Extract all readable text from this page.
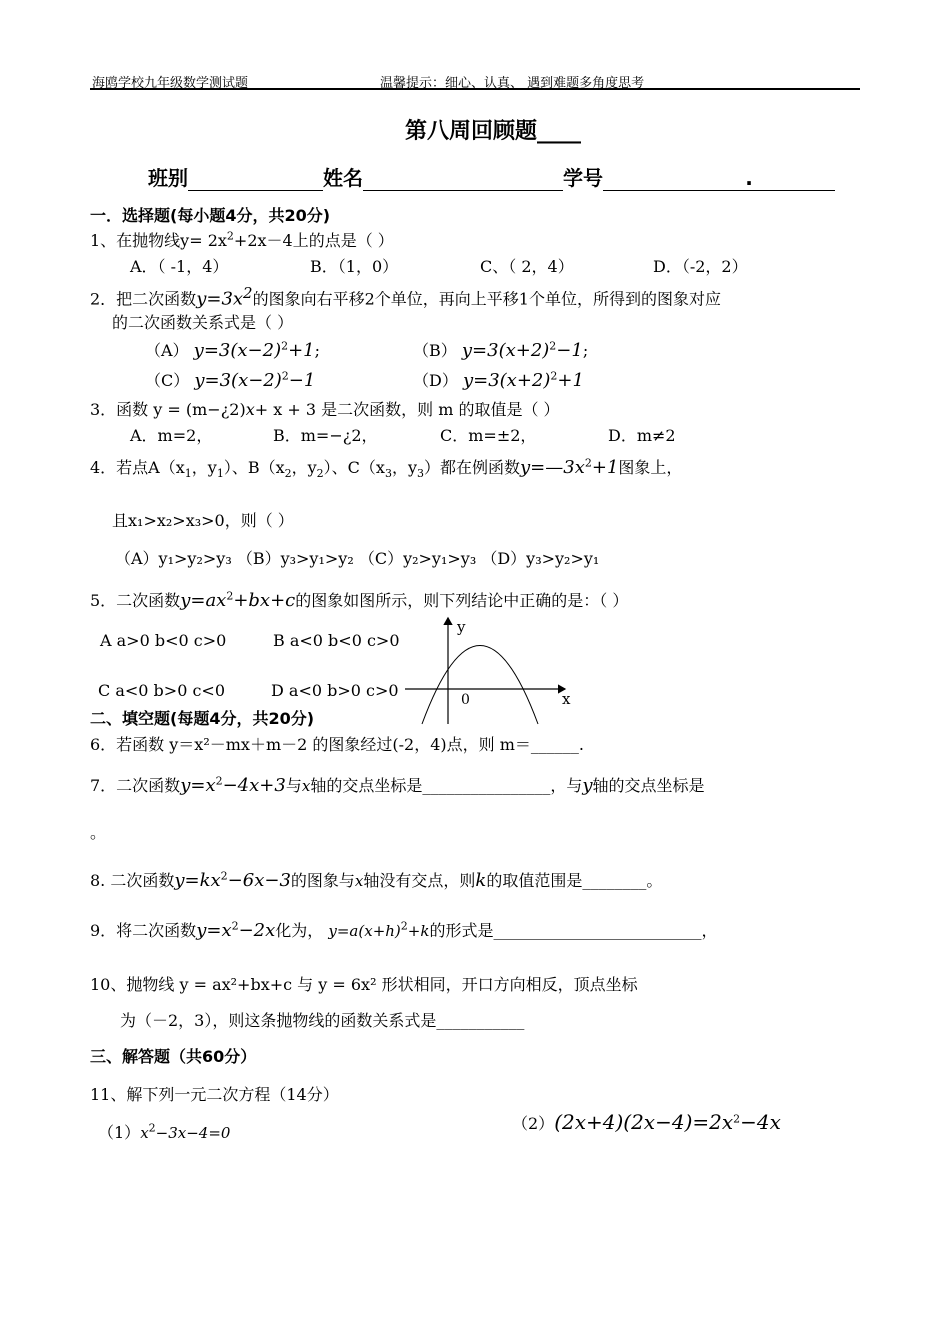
海鸥学校九年级数学测试题	温馨提示：细心、认真、 遇到难题多角度思考
第八周回顾题____
班别	姓名	学号	.
一．选择题(每小题4分，共20分)
1、在抛物线$y= 2x^2+2x-4$上的点是（ ）
A．（ -1，4）	B．（1，0）	C、（ 2，4）	D．（-2，2）
2．把二次函数$y=3x^2$的图象向右平移2个单位，再向上平移1个单位，所得到的图象对应
的二次函数关系式是（ ）
（A） $y=3(x-2)^2+1$;	（B） $y=3(x+2)^2-1$;
（C） $y=3(x-2)^2-1$	（D） $y=3(x+2)^2+1$
3．函数 y = (m−¿2)x+ x + 3 是二次函数，则 m 的取值是（ ）
A．m=2，	B．m=−¿2，	C．m=±2，	D．m≠2
4．若点$A(x_1$，$y_1$）、$B(x_2$，$y_2$）、$C(x_3$，$y_3$）都在例函数$y=—3x^2+1$图象上，
且x₁>x₂>x₃>0，则（ ）
（A）y₁>y₂>y₃ （B）y₃>y₁>y₂ （C）y₂>y₁>y₃ （D）y₃>y₂>y₁
5．二次函数$y=ax^2+bx+c$的图象如图所示，则下列结论中正确的是：（ ）
A a>0 b<0 c>0	B a<0 b<0 c>0
C a<0 b>0 c<0	D a<0 b>0 c>0
y
x
0
二、填空题(每题4分，共20分)
6．若函数 y＝x²－mx＋m－2 的图象经过(-2，4)点，则 m＝______.
7．二次函数$y=x^2-4x+3$与x轴的交点坐标是________________，与y轴的交点坐标是
。
8. 二次函数$y=kx^2-6x-3$的图象与x轴没有交点，则k的取值范围是________。
9．将二次函数$y=x^2-2x$化为， $y=a(x+h)^2+k$的形式是__________________________，
10、抛物线 y = ax²+bx+c 与 y = 6x² 形状相同，开口方向相反，顶点坐标
为（－2，3），则这条抛物线的函数关系式是___________
三、解答题（共60分）
11、解下列一元二次方程（14分）
$(1)x^2-3x-4=0$	$(2)(2x+4)(2x-4)=2x^2-4x$
